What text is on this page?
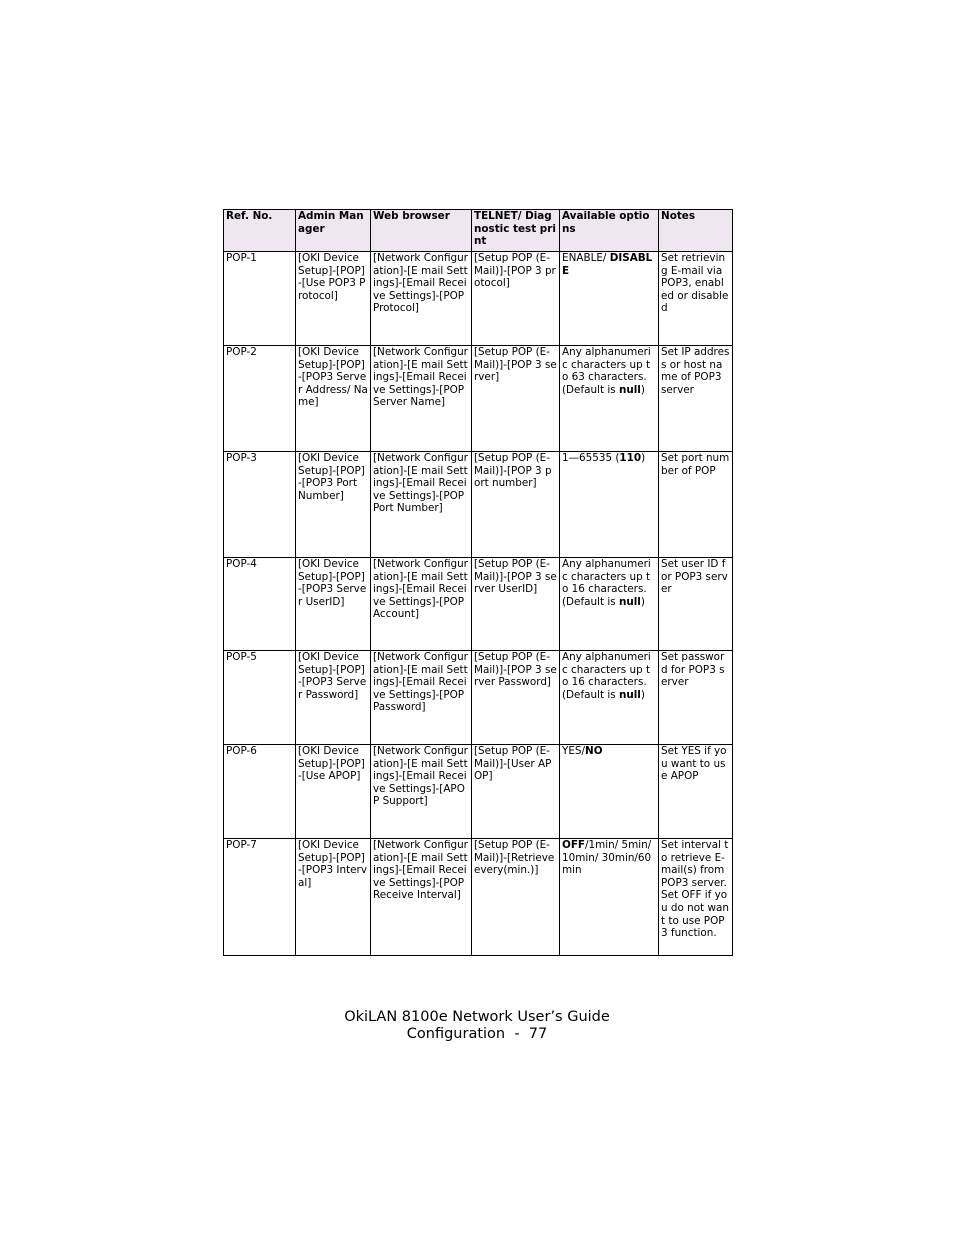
Ref. No.	Admin Manager	Web browser	TELNET/ Diagnostic test print	Available options	Notes
POP-1	[OKI Device Setup]-[POP]-[Use POP3 Protocol]	[Network Configuration]-[E mail Settings]-[Email Receive Settings]-[POP Protocol]	[Setup POP (E-Mail)]-[POP 3 protocol]	ENABLE/ DISABLE	Set retrieving E-mail via POP3, enabled or disabled
POP-2	[OKI Device Setup]-[POP]-[POP3 Server Address/ Name]	[Network Configuration]-[E mail Settings]-[Email Receive Settings]-[POP Server Name]	[Setup POP (E-Mail)]-[POP 3 server]	Any alphanumeric characters up to 63 characters. (Default is null)	Set IP address or host name of POP3 server
POP-3	[OKI Device Setup]-[POP]-[POP3 Port Number]	[Network Configuration]-[E mail Settings]-[Email Receive Settings]-[POP Port Number]	[Setup POP (E-Mail)]-[POP 3 port number]	1—65535 (110)	Set port number of POP
POP-4	[OKI Device Setup]-[POP]-[POP3 Server UserID]	[Network Configuration]-[E mail Settings]-[Email Receive Settings]-[POP Account]	[Setup POP (E-Mail)]-[POP 3 server UserID]	Any alphanumeric characters up to 16 characters. (Default is null)	Set user ID for POP3 server
POP-5	[OKI Device Setup]-[POP]-[POP3 Server Password]	[Network Configuration]-[E mail Settings]-[Email Receive Settings]-[POP Password]	[Setup POP (E-Mail)]-[POP 3 server Password]	Any alphanumeric characters up to 16 characters. (Default is null)	Set password for POP3 server
POP-6	[OKI Device Setup]-[POP]-[Use APOP]	[Network Configuration]-[E mail Settings]-[Email Receive Settings]-[APOP Support]	[Setup POP (E-Mail)]-[User APOP]	YES/NO	Set YES if you want to use APOP
POP-7	[OKI Device Setup]-[POP]-[POP3 Interval]	[Network Configuration]-[E mail Settings]-[Email Receive Settings]-[POP Receive Interval]	[Setup POP (E-Mail)]-[Retrieve every(min.)]	OFF/1min/ 5min/10min/ 30min/60min	Set interval to retrieve E-mail(s) from POP3 server. Set OFF if you do not want to use POP3 function.
OkiLAN 8100e Network User’s Guide
Configuration  -  77
